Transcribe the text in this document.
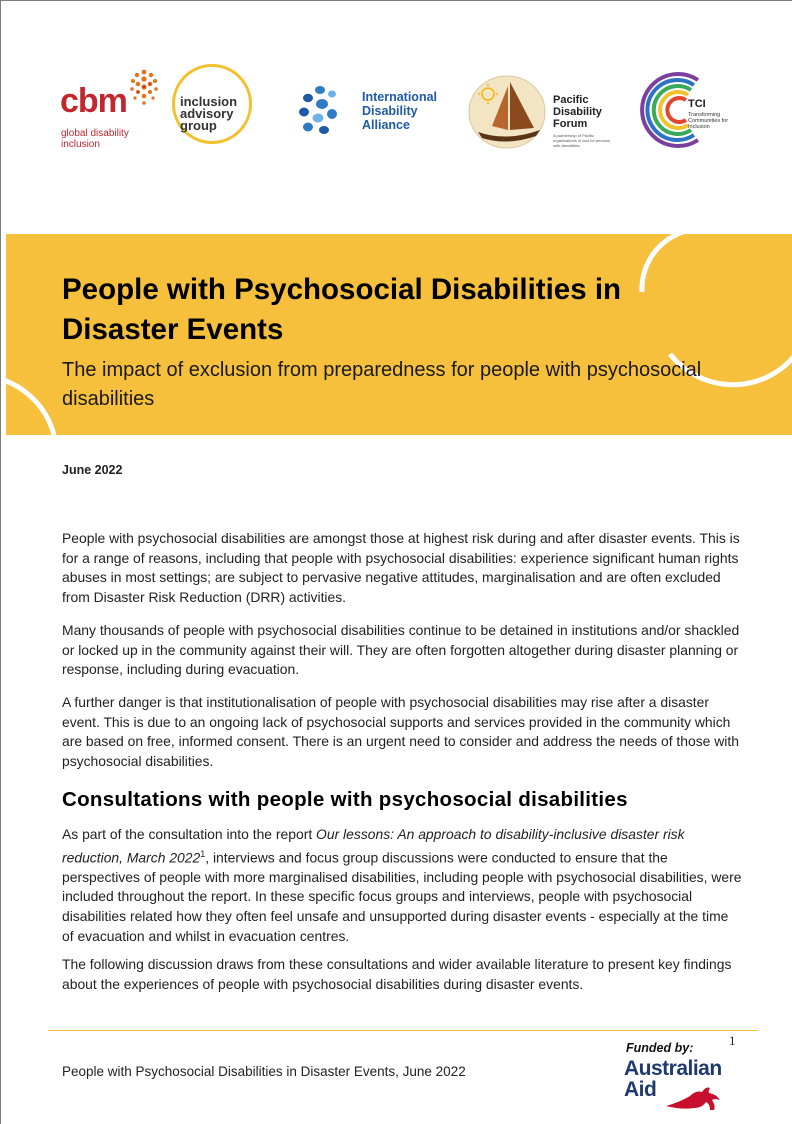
cbm
global disability inclusion
inclusion advisory group
International Disability Alliance
Pacific Disability Forum
A partnership of Pacific organisations of and for persons with disabilities
TCI
Transforming Communities for Inclusion
People with Psychosocial Disabilities in Disaster Events
The impact of exclusion from preparedness for people with psychosocial disabilities
June 2022

People with psychosocial disabilities are amongst those at highest risk during and after disaster events. This is for a range of reasons, including that people with psychosocial disabilities: experience significant human rights abuses in most settings; are subject to pervasive negative attitudes, marginalisation and are often excluded from Disaster Risk Reduction (DRR) activities.

Many thousands of people with psychosocial disabilities continue to be detained in institutions and/or shackled or locked up in the community against their will. They are often forgotten altogether during disaster planning or response, including during evacuation.

A further danger is that institutionalisation of people with psychosocial disabilities may rise after a disaster event. This is due to an ongoing lack of psychosocial supports and services provided in the community which are based on free, informed consent. There is an urgent need to consider and address the needs of those with psychosocial disabilities.

Consultations with people with psychosocial disabilities

As part of the consultation into the report Our lessons: An approach to disability-inclusive disaster risk reduction, March 2022$^1$, interviews and focus group discussions were conducted to ensure that the perspectives of people with more marginalised disabilities, including people with psychosocial disabilities, were included throughout the report. In these specific focus groups and interviews, people with psychosocial disabilities related how they often feel unsafe and unsupported during disaster events - especially at the time of evacuation and whilst in evacuation centres.

The following discussion draws from these consultations and wider available literature to present key findings about the experiences of people with psychosocial disabilities during disaster events.

1
People with Psychosocial Disabilities in Disaster Events, June 2022
Funded by:
Australian
Aid
